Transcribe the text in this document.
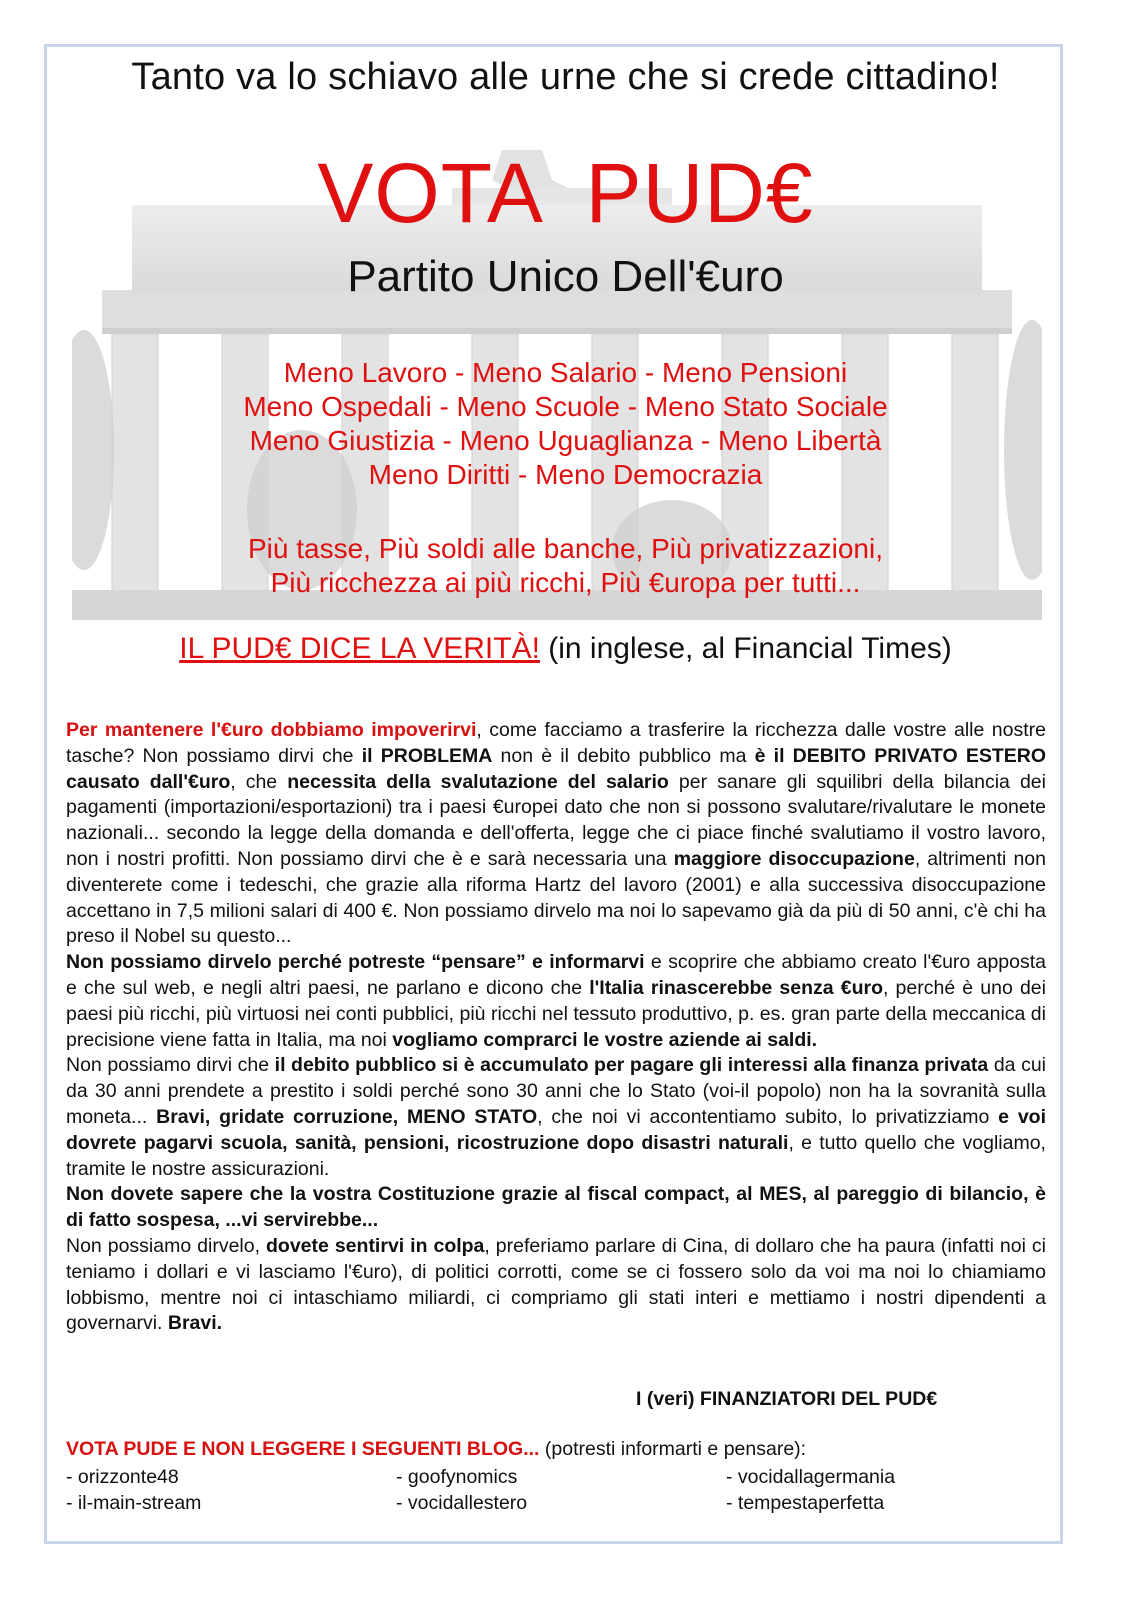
Tanto va lo schiavo alle urne che si crede cittadino!
VOTA PUD€
Partito Unico Dell'€uro
Meno Lavoro - Meno Salario - Meno Pensioni
Meno Ospedali - Meno Scuole - Meno Stato Sociale
Meno Giustizia - Meno Uguaglianza - Meno Libertà
Meno Diritti - Meno Democrazia
Più tasse, Più soldi alle banche, Più privatizzazioni,
Più ricchezza ai più ricchi, Più €uropa per tutti...
IL PUD€ DICE LA VERITÀ! (in inglese, al Financial Times)

Per mantenere l'€uro dobbiamo impoverirvi, come facciamo a trasferire la ricchezza dalle vostre alle nostre tasche? Non possiamo dirvi che il PROBLEMA non è il debito pubblico ma è il DEBITO PRIVATO ESTERO causato dall'€uro, che necessita della svalutazione del salario per sanare gli squilibri della bilancia dei pagamenti (importazioni/esportazioni) tra i paesi €uropei dato che non si possono svalutare/rivalutare le monete nazionali... secondo la legge della domanda e dell'offerta, legge che ci piace finché svalutiamo il vostro lavoro, non i nostri profitti. Non possiamo dirvi che è e sarà necessaria una maggiore disoccupazione, altrimenti non diventerete come i tedeschi, che grazie alla riforma Hartz del lavoro (2001) e alla successiva disoccupazione accettano in 7,5 milioni salari di 400 €. Non possiamo dirvelo ma noi lo sapevamo già da più di 50 anni, c'è chi ha preso il Nobel su questo...

Non possiamo dirvelo perché potreste “pensare” e informarvi e scoprire che abbiamo creato l'€uro apposta e che sul web, e negli altri paesi, ne parlano e dicono che l'Italia rinascerebbe senza €uro, perché è uno dei paesi più ricchi, più virtuosi nei conti pubblici, più ricchi nel tessuto produttivo, p. es. gran parte della meccanica di precisione viene fatta in Italia, ma noi vogliamo comprarci le vostre aziende ai saldi.

Non possiamo dirvi che il debito pubblico si è accumulato per pagare gli interessi alla finanza privata da cui da 30 anni prendete a prestito i soldi perché sono 30 anni che lo Stato (voi-il popolo) non ha la sovranità sulla moneta... Bravi, gridate corruzione, MENO STATO, che noi vi accontentiamo subito, lo privatizziamo e voi dovrete pagarvi scuola, sanità, pensioni, ricostruzione dopo disastri naturali, e tutto quello che vogliamo, tramite le nostre assicurazioni.

Non dovete sapere che la vostra Costituzione grazie al fiscal compact, al MES, al pareggio di bilancio, è di fatto sospesa, ...vi servirebbe...

Non possiamo dirvelo, dovete sentirvi in colpa, preferiamo parlare di Cina, di dollaro che ha paura (infatti noi ci teniamo i dollari e vi lasciamo l'€uro), di politici corrotti, come se ci fossero solo da voi ma noi lo chiamiamo lobbismo, mentre noi ci intaschiamo miliardi, ci compriamo gli stati interi e mettiamo i nostri dipendenti a governarvi. Bravi.

I (veri) FINANZIATORI DEL PUD€
VOTA PUDE E NON LEGGERE I SEGUENTI BLOG... (potresti informarti e pensare):
- orizzonte48
- il-main-stream
- goofynomics
- vocidallestero
- vocidallagermania
- tempestaperfetta
